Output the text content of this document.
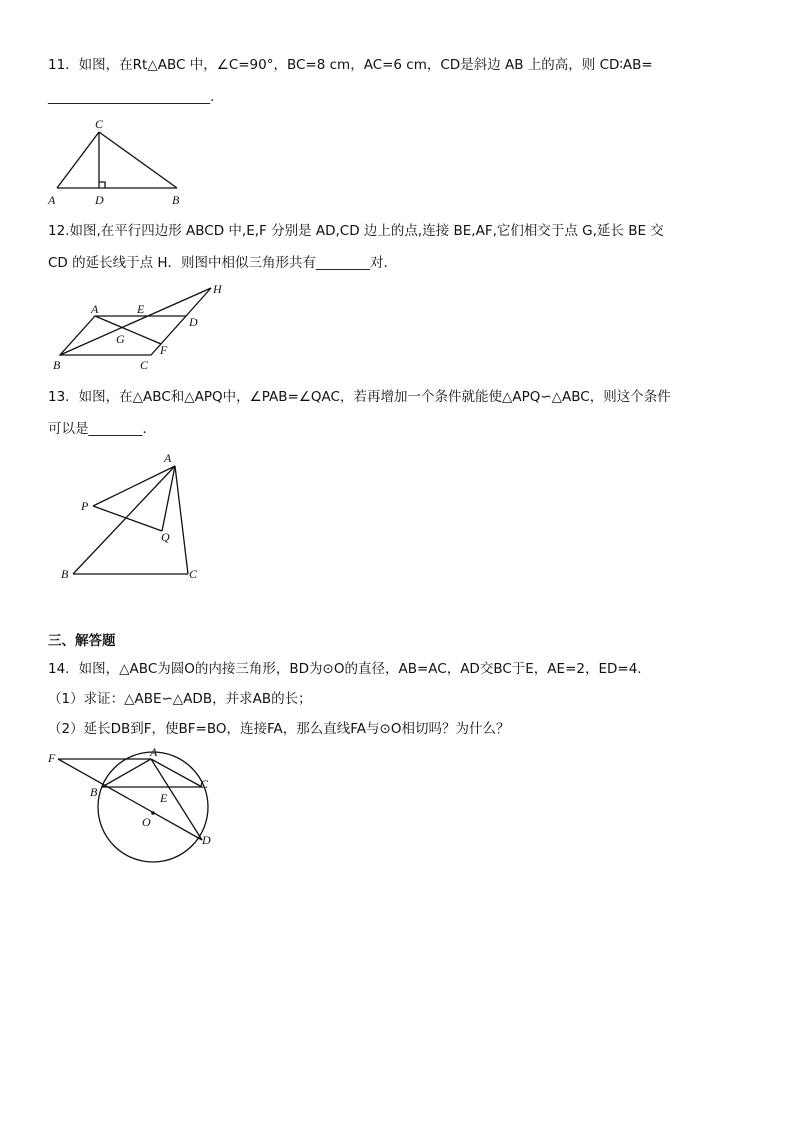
11．如图，在Rt△ABC 中，∠C=90°，BC=8 cm，AC=6 cm，CD是斜边 AB 上的高，则 CD∶AB=
________________________.
C
A	D	B
12.如图,在平行四边形 ABCD 中,E,F 分别是 AD,CD 边上的点,连接 BE,AF,它们相交于点 G,延长 BE 交
CD 的延长线于点 H．则图中相似三角形共有________对.
A	E
D
H
G
B	C
F
13．如图，在△ABC和△APQ中，∠PAB=∠QAC，若再增加一个条件就能使△APQ∽△ABC，则这个条件
可以是________．
A
P
Q
B	C
三、解答题
14．如图，△ABC为圆O的内接三角形，BD为⊙O的直径，AB=AC，AD交BC于E，AE=2，ED=4.
（1）求证：△ABE∽△ADB，并求AB的长；
（2）延长DB到F，使BF=BO，连接FA，那么直线FA与⊙O相切吗？为什么？
F	A
C
B	E
O
D
